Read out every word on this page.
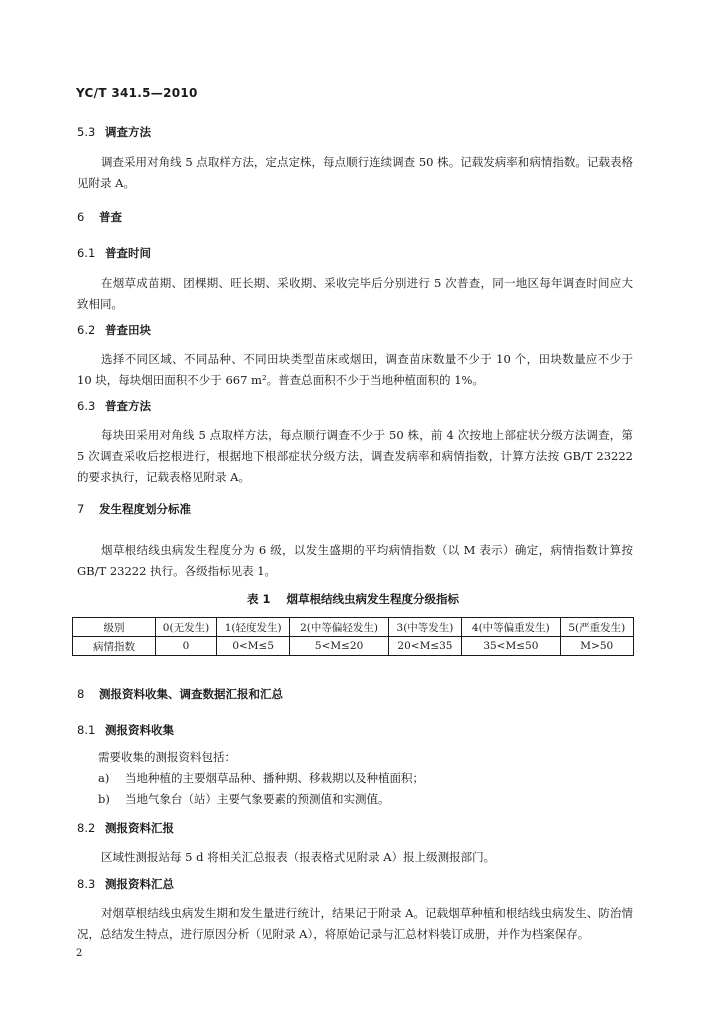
YC/T 341.5—2010
5.3 调查方法

调查采用对角线 5 点取样方法，定点定株，每点顺行连续调查 50 株。记载发病率和病情指数。记载表格见附录 A。

6 普查
6.1 普查时间

在烟草成苗期、团棵期、旺长期、采收期、采收完毕后分别进行 5 次普查，同一地区每年调查时间应大致相同。

6.2 普查田块

选择不同区域、不同品种、不同田块类型苗床或烟田，调查苗床数量不少于 10 个，田块数量应不少于 10 块，每块烟田面积不少于 667 m²。普查总面积不少于当地种植面积的 1%。

6.3 普查方法

每块田采用对角线 5 点取样方法，每点顺行调查不少于 50 株，前 4 次按地上部症状分级方法调查，第 5 次调查采收后挖根进行，根据地下根部症状分级方法，调查发病率和病情指数，计算方法按 GB/T 23222 的要求执行，记载表格见附录 A。

7 发生程度划分标准

烟草根结线虫病发生程度分为 6 级，以发生盛期的平均病情指数（以 M 表示）确定，病情指数计算按 GB/T 23222 执行。各级指标见表 1。

表 1 烟草根结线虫病发生程度分级指标
级别	0(无发生)	1(轻度发生)	2(中等偏轻发生)	3(中等发生)	4(中等偏重发生)	5(严重发生)
病情指数	0	0<M≤5	5<M≤20	20<M≤35	35<M≤50	M>50
8 测报资料收集、调查数据汇报和汇总
8.1 测报资料收集
需要收集的测报资料包括：
a) 当地种植的主要烟草品种、播种期、移栽期以及种植面积；
b) 当地气象台（站）主要气象要素的预测值和实测值。
8.2 测报资料汇报

区域性测报站每 5 d 将相关汇总报表（报表格式见附录 A）报上级测报部门。

8.3 测报资料汇总

对烟草根结线虫病发生期和发生量进行统计，结果记于附录 A。记载烟草种植和根结线虫病发生、防治情况，总结发生特点，进行原因分析（见附录 A），将原始记录与汇总材料装订成册，并作为档案保存。

2
